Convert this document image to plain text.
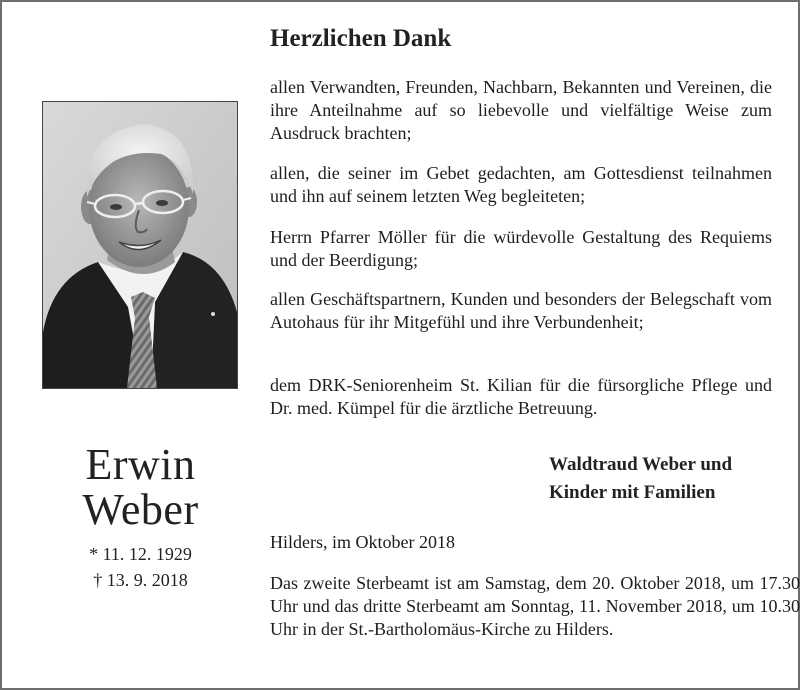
Erwin
Weber
* 11. 12. 1929
† 13. 9. 2018
Herzlichen Dank
allen Verwandten, Freunden, Nachbarn, Bekannten und Vereinen, die ihre Anteilnahme auf so liebevolle und vielfältige Weise zum Ausdruck brachten;
allen, die seiner im Gebet gedachten, am Gottesdienst teilnahmen und ihn auf seinem letzten Weg begleiteten;
Herrn Pfarrer Möller für die würdevolle Gestaltung des Requiems und der Beerdigung;
allen Geschäftspartnern, Kunden und besonders der Belegschaft vom Autohaus für ihr Mitgefühl und ihre Verbundenheit;
dem DRK-Seniorenheim St. Kilian für die fürsorgliche Pflege und Dr. med. Kümpel für die ärztliche Betreuung.
Waldtraud Weber und
Kinder mit Familien
Hilders, im Oktober 2018
Das zweite Sterbeamt ist am Samstag, dem 20. Oktober 2018, um 17.30 Uhr und das dritte Sterbeamt am Sonntag, 11. November 2018, um 10.30 Uhr in der St.-Bartholomäus-Kirche zu Hilders.
